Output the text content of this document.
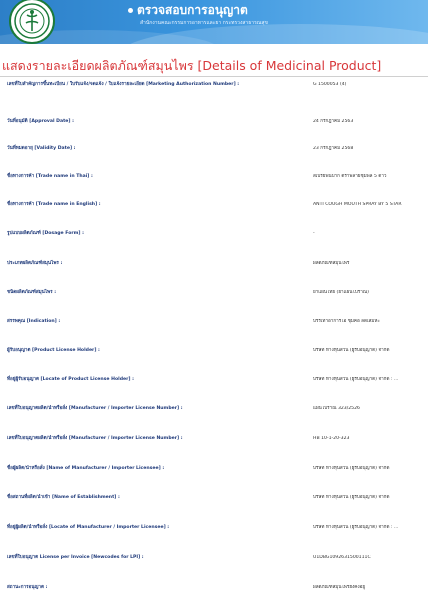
ตรวจสอบการอนุญาต
สำนักงานคณะกรรมการอาหารและยา กระทรวงสาธารณสุข
แสดงรายละเอียดผลิตภัณฑ์สมุนไพร [Details of Medicinal Product]
เลขที่ใบสำคัญการขึ้นทะเบียน / ใบรับแจ้ง/จดแจ้ง / ใบแจ้งรายละเอียด [Marketing Authorization Number] :	G 1500053 (4)
วันที่อนุมัติ [Approval Date] :	24 กรกฎาคม 2563
วันที่หมดอายุ [Validity Date] :	23 กรกฎาคม 2568
ชื่อทางการค้า [Trade name in Thai] :	สเปรย์พ่นปาก ตราพลายชุมพล 5 ดาว
ชื่อทางการค้า [Trade name in English] :	ANTI COUGH MOUTH SPRAY BY 5 STAR
รูปแบบผลิตภัณฑ์ [Dosage Form] :	-
ประเภทผลิตภัณฑ์สมุนไพร :	ผลิตภัณฑ์สมุนไพร
ชนิดผลิตภัณฑ์สมุนไพร :	ยาแผนไทย (ยาแผนโบราณ)
สรรพคุณ [Indication] :	บรรเทาอาการไอ ชุ่มคอ ลดเสมหะ
ผู้รับอนุญาต [Product License Holder] :	บริษัท ห้างหุ้นส่วน (ผู้รับอนุญาต) จำกัด
ที่อยู่ผู้รับอนุญาต [Locate of Product License Holder] :	บริษัท ห้างหุ้นส่วน (ผู้รับอนุญาต) จำกัด : ...
เลขที่ใบอนุญาตผลิต/นำหรือสั่ง [Manufacturer / Importer License Number] :	แผนโบราณ 323/2526
เลขที่ใบอนุญาตผลิต/นำหรือสั่ง [Manufacturer / Importer License Number] :	HB 10-1-20-323
ชื่อผู้ผลิต/นำหรือสั่ง [Name of Manufacturer / Importer Licensee] :	บริษัท ห้างหุ้นส่วน (ผู้รับอนุญาต) จำกัด
ชื่อสถานที่ผลิต/นำเข้า [Name of Establishment] :	บริษัท ห้างหุ้นส่วน (ผู้รับอนุญาต) จำกัด
ที่อยู่ผู้ผลิต/นำหรือสั่ง [Locate of Manufacturer / Importer Licensee] :	บริษัท ห้างหุ้นส่วน (ผู้รับอนุญาต) จำกัด : ...
เลขที่ใบอนุญาต License per Invoice [Newcodes for LPI] :	U1DBG1092631500111C
สถานะการอนุญาต :	ผลิตภัณฑ์สมุนไพรยังคงอยู่
